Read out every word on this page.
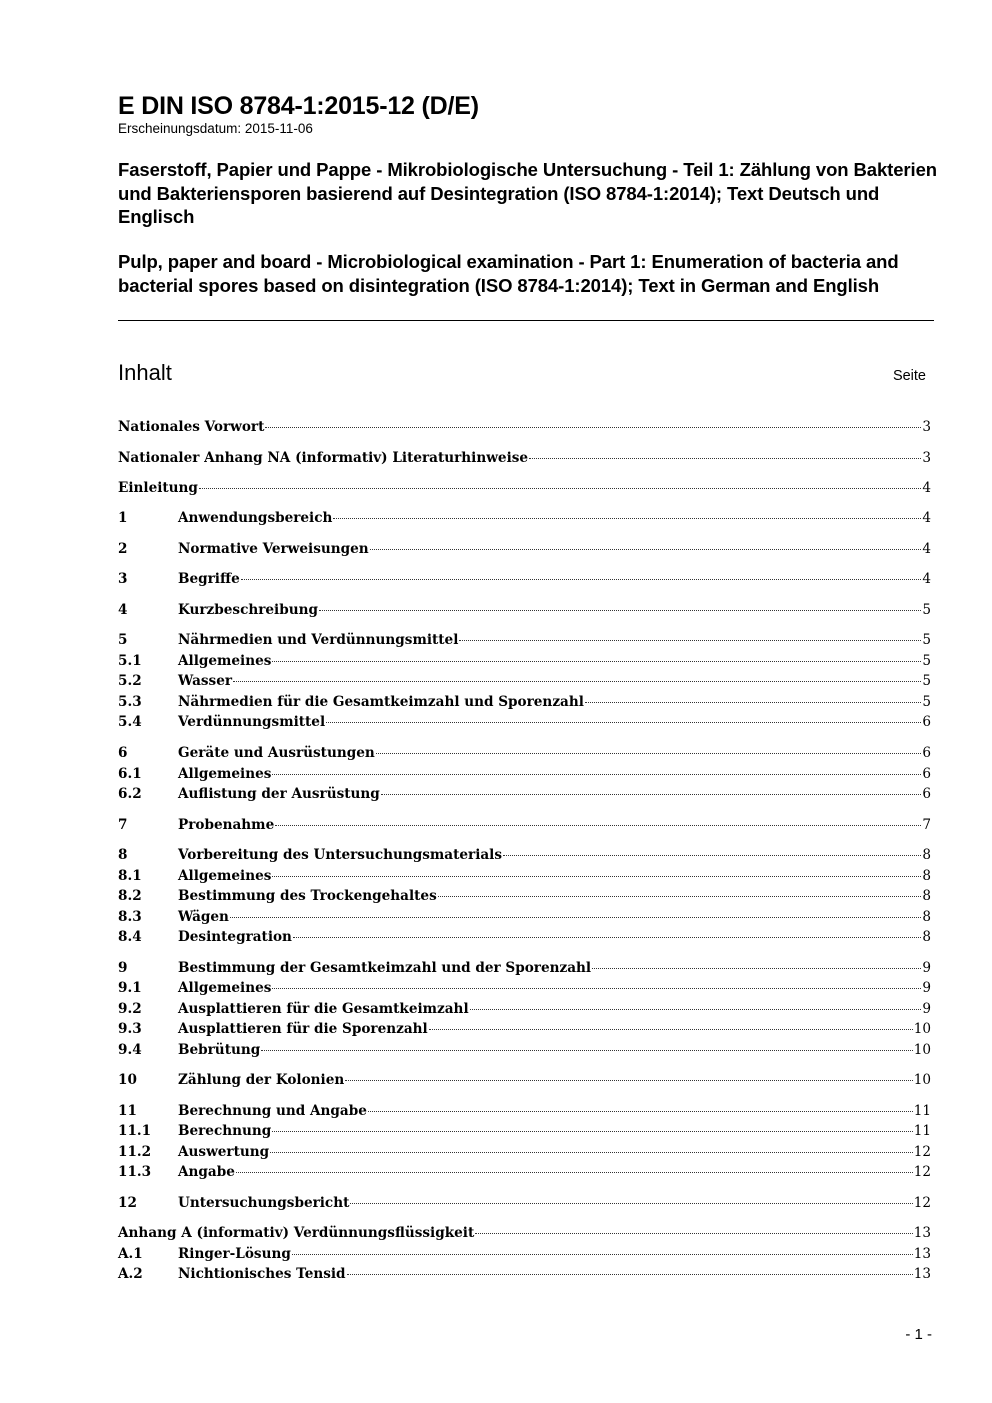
E DIN ISO 8784-1:2015-12 (D/E)
Erscheinungsdatum: 2015-11-06
Faserstoff, Papier und Pappe - Mikrobiologische Untersuchung - Teil 1: Zählung von Bakterien und Bakteriensporen basierend auf Desintegration (ISO 8784-1:2014); Text Deutsch und Englisch
Pulp, paper and board - Microbiological examination - Part 1: Enumeration of bacteria and bacterial spores based on disintegration (ISO 8784-1:2014); Text in German and English
Inhalt	Seite
Nationales Vorwort	3
Nationaler Anhang NA (informativ) Literaturhinweise	3
Einleitung	4
1	Anwendungsbereich	4
2	Normative Verweisungen	4
3	Begriffe	4
4	Kurzbeschreibung	5
5	Nährmedien und Verdünnungsmittel	5
5.1	Allgemeines	5
5.2	Wasser	5
5.3	Nährmedien für die Gesamtkeimzahl und Sporenzahl	5
5.4	Verdünnungsmittel	6
6	Geräte und Ausrüstungen	6
6.1	Allgemeines	6
6.2	Auflistung der Ausrüstung	6
7	Probenahme	7
8	Vorbereitung des Untersuchungsmaterials	8
8.1	Allgemeines	8
8.2	Bestimmung des Trockengehaltes	8
8.3	Wägen	8
8.4	Desintegration	8
9	Bestimmung der Gesamtkeimzahl und der Sporenzahl	9
9.1	Allgemeines	9
9.2	Ausplattieren für die Gesamtkeimzahl	9
9.3	Ausplattieren für die Sporenzahl	10
9.4	Bebrütung	10
10	Zählung der Kolonien	10
11	Berechnung und Angabe	11
11.1	Berechnung	11
11.2	Auswertung	12
11.3	Angabe	12
12	Untersuchungsbericht	12
Anhang A (informativ) Verdünnungsflüssigkeit	13
A.1	Ringer-Lösung	13
A.2	Nichtionisches Tensid	13
- 1 -
